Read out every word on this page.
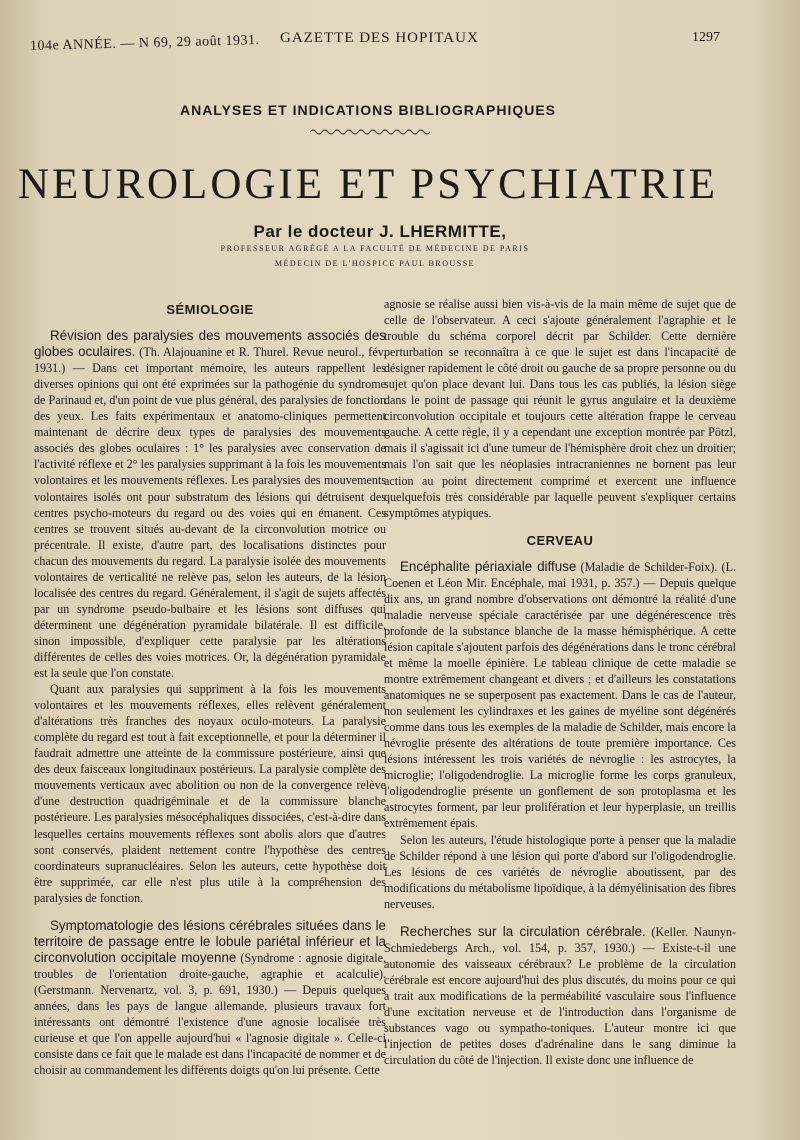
104e ANNÉE. — N 69, 29 août 1931. GAZETTE DES HOPITAUX	1297
ANALYSES ET INDICATIONS BIBLIOGRAPHIQUES
NEUROLOGIE ET PSYCHIATRIE
Par le docteur J. LHERMITTE,
PROFESSEUR AGRÉGÉ A LA FACULTÉ DE MÉDECINE DE PARIS
MÉDECIN DE L'HOSPICE PAUL BROUSSE
SÉMIOLOGIE

Révision des paralysies des mouvements associés des globes oculaires. (Th. Alajouanine et R. Thurel. Revue neurol., fév. 1931.) — Dans cet important mémoire, les auteurs rappellent les diverses opinions qui ont été exprimées sur la pathogénie du syndrome de Parinaud et, d'un point de vue plus général, des paralysies de fonction des yeux. Les faits expérimentaux et anatomo-cliniques permettent maintenant de décrire deux types de paralysies des mouvements associés des globes oculaires : 1° les paralysies avec conservation de l'activité réflexe et 2° les paralysies supprimant à la fois les mouvements volontaires et les mouvements réflexes. Les paralysies des mouvements volontaires isolés ont pour substratum des lésions qui détruisent des centres psycho-moteurs du regard ou des voies qui en émanent. Ces centres se trouvent situés au-devant de la circonvolution motrice ou précentrale. Il existe, d'autre part, des localisations distinctes pour chacun des mouvements du regard. La paralysie isolée des mouvements volontaires de verticalité ne relève pas, selon les auteurs, de la lésion localisée des centres du regard. Généralement, il s'agit de sujets affectés par un syndrome pseudo-bulbaire et les lésions sont diffuses qui déterminent une dégénération pyramidale bilatérale. Il est difficile, sinon impossible, d'expliquer cette paralysie par les altérations différentes de celles des voies motrices. Or, la dégénération pyramidale est la seule que l'on constate.

Quant aux paralysies qui suppriment à la fois les mouvements volontaires et les mouvements réflexes, elles relèvent généralement d'altérations très franches des noyaux oculo-moteurs. La paralysie complète du regard est tout à fait exceptionnelle, et pour la déterminer il faudrait admettre une atteinte de la commissure postérieure, ainsi que des deux faisceaux longitudinaux postérieurs. La paralysie complète des mouvements verticaux avec abolition ou non de la convergence relève d'une destruction quadrigéminale et de la commissure blanche postérieure. Les paralysies mésocéphaliques dissociées, c'est-à-dire dans lesquelles certains mouvements réflexes sont abolis alors que d'autres sont conservés, plaident nettement contre l'hypothèse des centres coordinateurs supranucléaires. Selon les auteurs, cette hypothèse doit être supprimée, car elle n'est plus utile à la compréhension des paralysies de fonction.

Symptomatologie des lésions cérébrales situées dans le territoire de passage entre le lobule pariétal inférieur et la circonvolution occipitale moyenne (Syndrome : agnosie digitale, troubles de l'orientation droite-gauche, agraphie et acalculie). (Gerstmann. Nervenartz, vol. 3, p. 691, 1930.) — Depuis quelques années, dans les pays de langue allemande, plusieurs travaux fort intéressants ont démontré l'existence d'une agnosie localisée très curieuse et que l'on appelle aujourd'hui « l'agnosie digitale ». Celle-ci consiste dans ce fait que le malade est dans l'incapacité de nommer et de choisir au commandement les différents doigts qu'on lui présente. Cette

agnosie se réalise aussi bien vis-à-vis de la main même de sujet que de celle de l'observateur. A ceci s'ajoute généralement l'agraphie et le trouble du schéma corporel décrit par Schilder. Cette dernière perturbation se reconnaîtra à ce que le sujet est dans l'incapacité de désigner rapidement le côté droit ou gauche de sa propre personne ou du sujet qu'on place devant lui. Dans tous les cas publiés, la lésion siège dans le point de passage qui réunit le gyrus angulaire et la deuxième circonvolution occipitale et toujours cette altération frappe le cerveau gauche. A cette règle, il y a cependant une exception montrée par Pötzl, mais il s'agissait ici d'une tumeur de l'hémisphère droit chez un droitier; mais l'on sait que les néoplasies intracraniennes ne bornent pas leur action au point directement comprimé et exercent une influence quelquefois très considérable par laquelle peuvent s'expliquer certains symptômes atypiques.

CERVEAU

Encéphalite périaxiale diffuse (Maladie de Schilder-Foix). (L. Coenen et Léon Mir. Encéphale, mai 1931, p. 357.) — Depuis quelque dix ans, un grand nombre d'observations ont démontré la réalité d'une maladie nerveuse spéciale caractérisée par une dégénérescence très profonde de la substance blanche de la masse hémisphérique. A cette lésion capitale s'ajoutent parfois des dégénérations dans le tronc cérébral et même la moelle épinière. Le tableau clinique de cette maladie se montre extrêmement changeant et divers ; et d'ailleurs les constatations anatomiques ne se superposent pas exactement. Dans le cas de l'auteur, non seulement les cylindraxes et les gaines de myéline sont dégénérés comme dans tous les exemples de la maladie de Schilder, mais encore la névroglie présente des altérations de toute première importance. Ces lésions intéressent les trois variétés de névroglie : les astrocytes, la microglie; l'oligodendroglie. La microglie forme les corps granuleux, l'oligodendroglie présente un gonflement de son protoplasma et les astrocytes forment, par leur prolifération et leur hyperplasie, un treillis extrêmement épais.

Selon les auteurs, l'étude histologique porte à penser que la maladie de Schilder répond à une lésion qui porte d'abord sur l'oligodendroglie. Les lésions de ces variétés de névroglie aboutissent, par des modifications du métabolisme lipoïdique, à la démyélinisation des fibres nerveuses.

Recherches sur la circulation cérébrale. (Keller. Naunyn-Schmiedebergs Arch., vol. 154, p. 357, 1930.) — Existe-t-il une autonomie des vaisseaux cérébraux? Le problème de la circulation cérébrale est encore aujourd'hui des plus discutés, du moins pour ce qui a trait aux modifications de la perméabilité vasculaire sous l'influence d'une excitation nerveuse et de l'introduction dans l'organisme de substances vago ou sympatho-toniques. L'auteur montre ici que l'injection de petites doses d'adrénaline dans le sang diminue la circulation du côté de l'injection. Il existe donc une influence de
